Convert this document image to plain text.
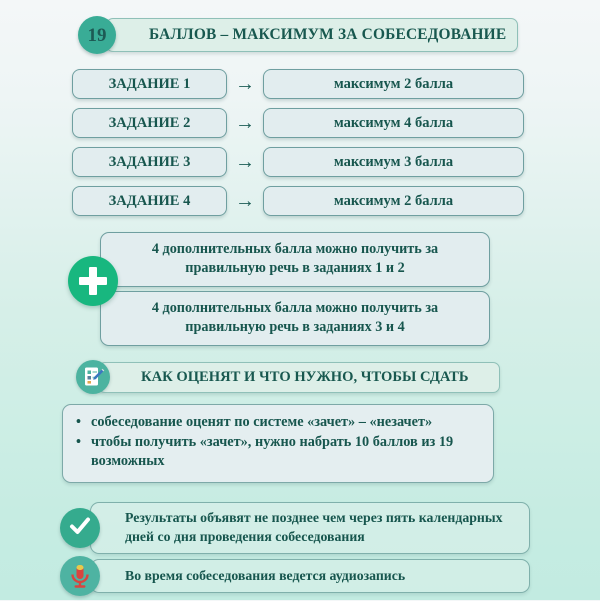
БАЛЛОВ – МАКСИМУМ ЗА СОБЕСЕДОВАНИЕ
19
ЗАДАНИЕ 1	→	максимум 2 балла
ЗАДАНИЕ 2	→	максимум 4 балла
ЗАДАНИЕ 3	→	максимум 3 балла
ЗАДАНИЕ 4	→	максимум 2 балла
4 дополнительных балла можно получить за правильную речь в заданиях 1 и 2
4 дополнительных балла можно получить за правильную речь в заданиях 3 и 4
КАК ОЦЕНЯТ И ЧТО НУЖНО, ЧТОБЫ СДАТЬ
• собеседование оценят по системе «зачет» – «незачет»
• чтобы получить «зачет», нужно набрать 10 баллов из 19 возможных
Результаты объявят не позднее чем через пять календарных дней со дня проведения собеседования
Во время собеседования ведется аудиозапись
